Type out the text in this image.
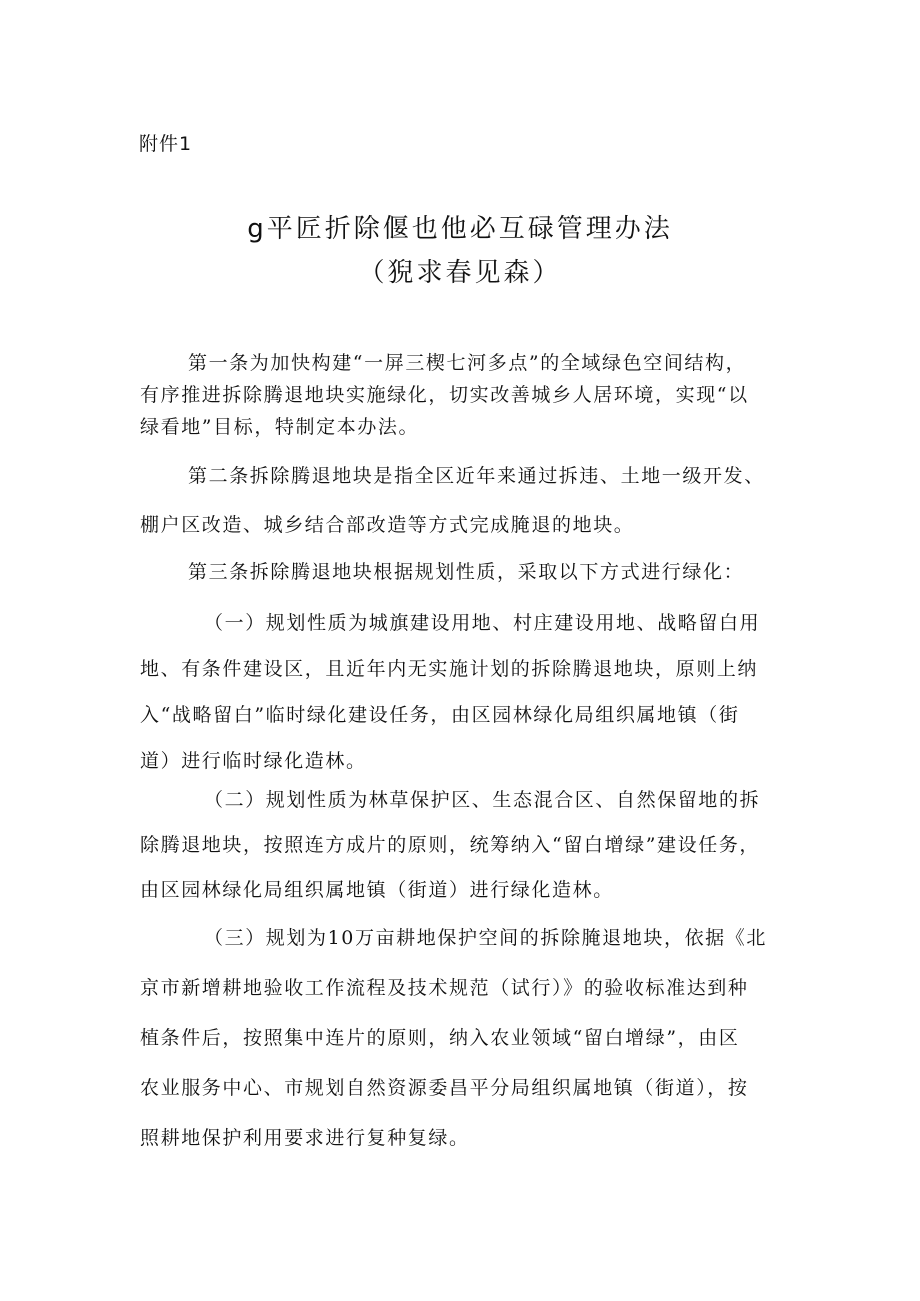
附件1
g平匠折除偃也他必互碌管理办法
（猊求春见森）
第一条为加快构建“一屏三楔七河多点”的全域绿色空间结构，
有序推进拆除腾退地块实施绿化，切实改善城乡人居环境，实现“以
绿看地”目标，特制定本办法。
第二条拆除腾退地块是指全区近年来通过拆违、土地一级开发、
棚户区改造、城乡结合部改造等方式完成腌退的地块。
第三条拆除腾退地块根据规划性质，采取以下方式进行绿化：
（一）规划性质为城旗建设用地、村庄建设用地、战略留白用
地、有条件建设区，且近年内无实施计划的拆除腾退地块，原则上纳
入“战略留白”临时绿化建设任务，由区园林绿化局组织属地镇（街
道）进行临时绿化造林。
（二）规划性质为林草保护区、生态混合区、自然保留地的拆
除腾退地块，按照连方成片的原则，统筹纳入“留白增绿”建设任务，
由区园林绿化局组织属地镇（街道）进行绿化造林。
（三）规划为10万亩耕地保护空间的拆除腌退地块，依据《北
京市新增耕地验收工作流程及技术规范（试行）》的验收标准达到种
植条件后，按照集中连片的原则，纳入农业领域“留白增绿”，由区
农业服务中心、市规划自然资源委昌平分局组织属地镇（街道），按
照耕地保护利用要求进行复种复绿。
